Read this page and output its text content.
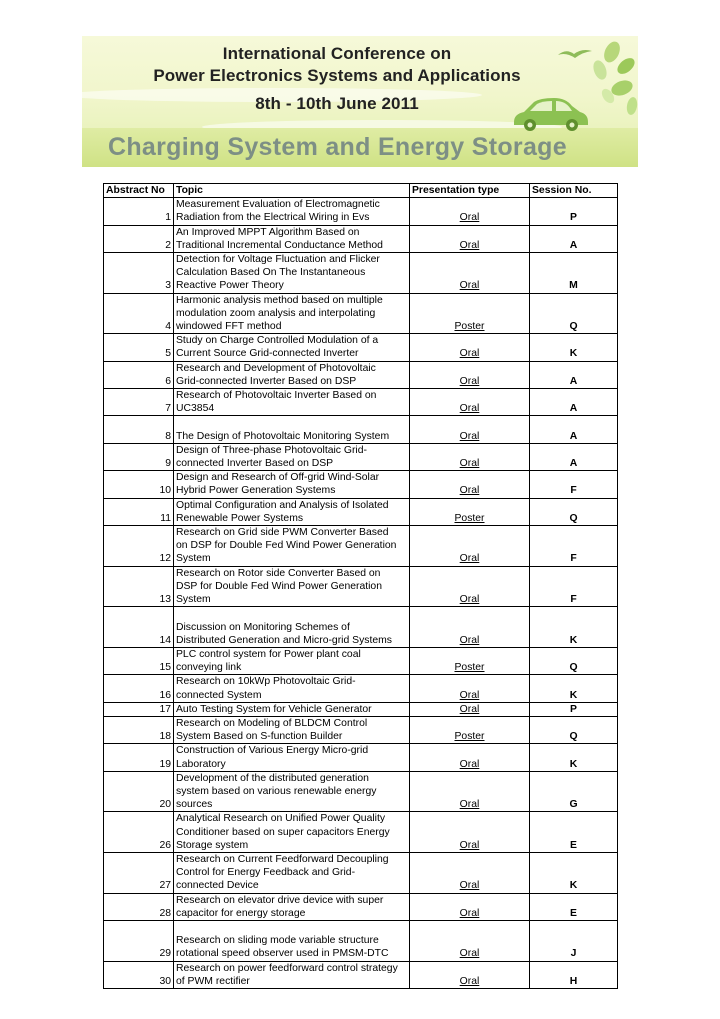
International Conference on
Power Electronics Systems and Applications
8th - 10th June 2011
Charging System and Energy Storage
Abstract No	Topic	Presentation type	Session No.
1	Measurement Evaluation of Electromagnetic
Radiation from the Electrical Wiring in Evs	Oral	P
2	An Improved MPPT Algorithm Based on
Traditional Incremental Conductance Method	Oral	A
3	Detection for Voltage Fluctuation and Flicker
Calculation Based On The Instantaneous
Reactive Power Theory	Oral	M
4	Harmonic analysis method based on multiple
modulation zoom analysis and interpolating
windowed FFT method	Poster	Q
5	Study on Charge Controlled Modulation of a
Current Source Grid-connected Inverter	Oral	K
6	Research and Development of Photovoltaic
Grid-connected Inverter Based on DSP	Oral	A
7	Research of Photovoltaic Inverter Based on
UC3854	Oral	A
8	The Design of Photovoltaic Monitoring System	Oral	A
9	Design of Three-phase Photovoltaic Grid-
connected Inverter Based on DSP	Oral	A
10	Design and Research of Off-grid Wind-Solar
Hybrid Power Generation Systems	Oral	F
11	Optimal Configuration and Analysis of Isolated
Renewable Power Systems	Poster	Q
12	Research on Grid side PWM Converter Based
on DSP for Double Fed Wind Power Generation
System	Oral	F
13	Research on Rotor side Converter Based on
DSP for Double Fed Wind Power Generation
System	Oral	F
14	Discussion on Monitoring Schemes of
Distributed Generation and Micro-grid Systems	Oral	K
15	PLC control system for Power plant coal
conveying link	Poster	Q
16	Research on 10kWp Photovoltaic Grid-
connected System	Oral	K
17	Auto Testing System for Vehicle Generator	Oral	P
18	Research on Modeling of BLDCM Control
System Based on S-function Builder	Poster	Q
19	Construction of Various Energy Micro-grid
Laboratory	Oral	K
20	Development of the distributed generation
system based on various renewable energy
sources	Oral	G
26	Analytical Research on Unified Power Quality
Conditioner based on super capacitors Energy
Storage system	Oral	E
27	Research on Current Feedforward Decoupling
Control for Energy Feedback and Grid-
connected Device	Oral	K
28	Research on elevator drive device with super
capacitor for energy storage	Oral	E
29	Research on sliding mode variable structure
rotational speed observer used in PMSM-DTC	Oral	J
30	Research on power feedforward control strategy
of PWM rectifier	Oral	H
